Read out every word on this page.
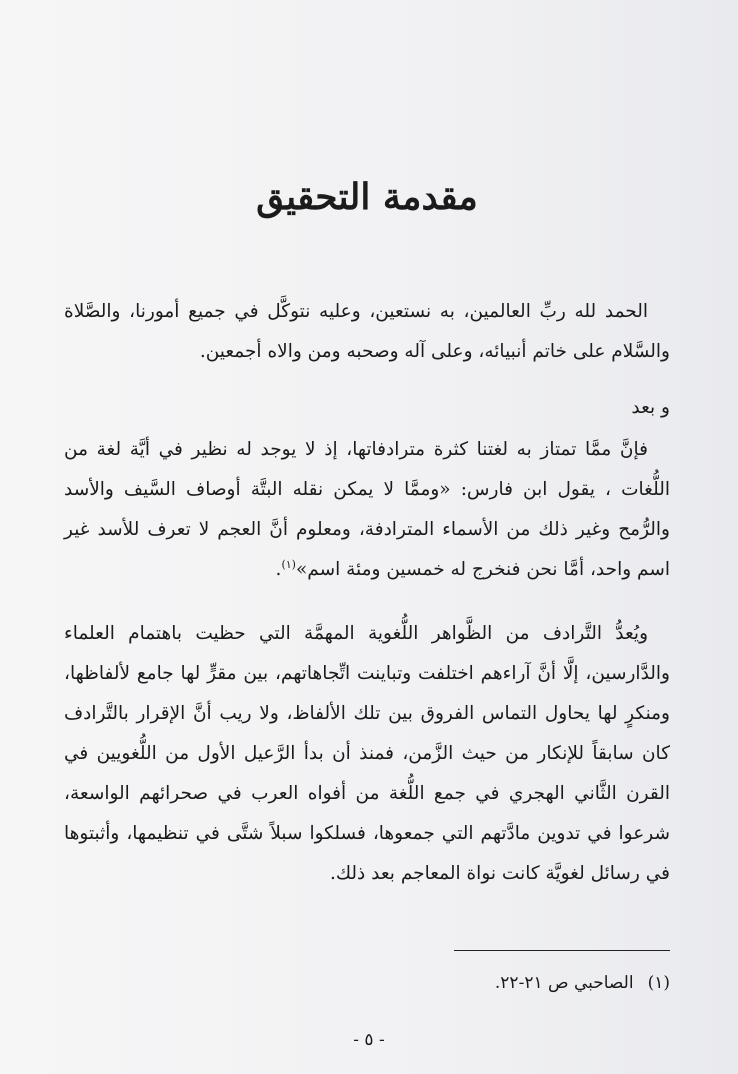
مقدمة التحقيق

الحمد لله ربِّ العالمين، به نستعين، وعليه نتوكَّل في جميع أمورنا، والصَّلاة والسَّلام على خاتم أنبيائه، وعلى آله وصحبه ومن والاه أجمعين.

و بعد

فإنَّ ممَّا تمتاز به لغتنا كثرة مترادفاتها، إذ لا يوجد له نظير في أيَّة لغة من اللُّغات ، يقول ابن فارس: «وممَّا لا يمكن نقله البتَّة أوصاف السَّيف والأسد والرُّمح وغير ذلك من الأسماء المترادفة، ومعلوم أنَّ العجم لا تعرف للأسد غير اسم واحد، أمَّا نحن فنخرج له خمسين ومئة اسم»$^{(١)}$.

ويُعدُّ التَّرادف من الظَّواهر اللُّغوية المهمَّة التي حظيت باهتمام العلماء والدَّارسين، إلَّا أنَّ آراءهم اختلفت وتباينت اتِّجاهاتهم، بين مقرٍّ لها جامع لألفاظها، ومنكرٍ لها يحاول التماس الفروق بين تلك الألفاظ، ولا ريب أنَّ الإقرار بالتَّرادف كان سابقاً للإنكار من حيث الزَّمن، فمنذ أن بدأ الرَّعيل الأول من اللُّغويين في القرن الثَّاني الهجري في جمع اللُّغة من أفواه العرب في صحرائهم الواسعة، شرعوا في تدوين مادَّتهم التي جمعوها، فسلكوا سبلاً شتَّى في تنظيمها، وأثبتوها في رسائل لغويَّة كانت نواة المعاجم بعد ذلك.

(١)الصاحبي ص ٢١-٢٢.
- ٥ -
